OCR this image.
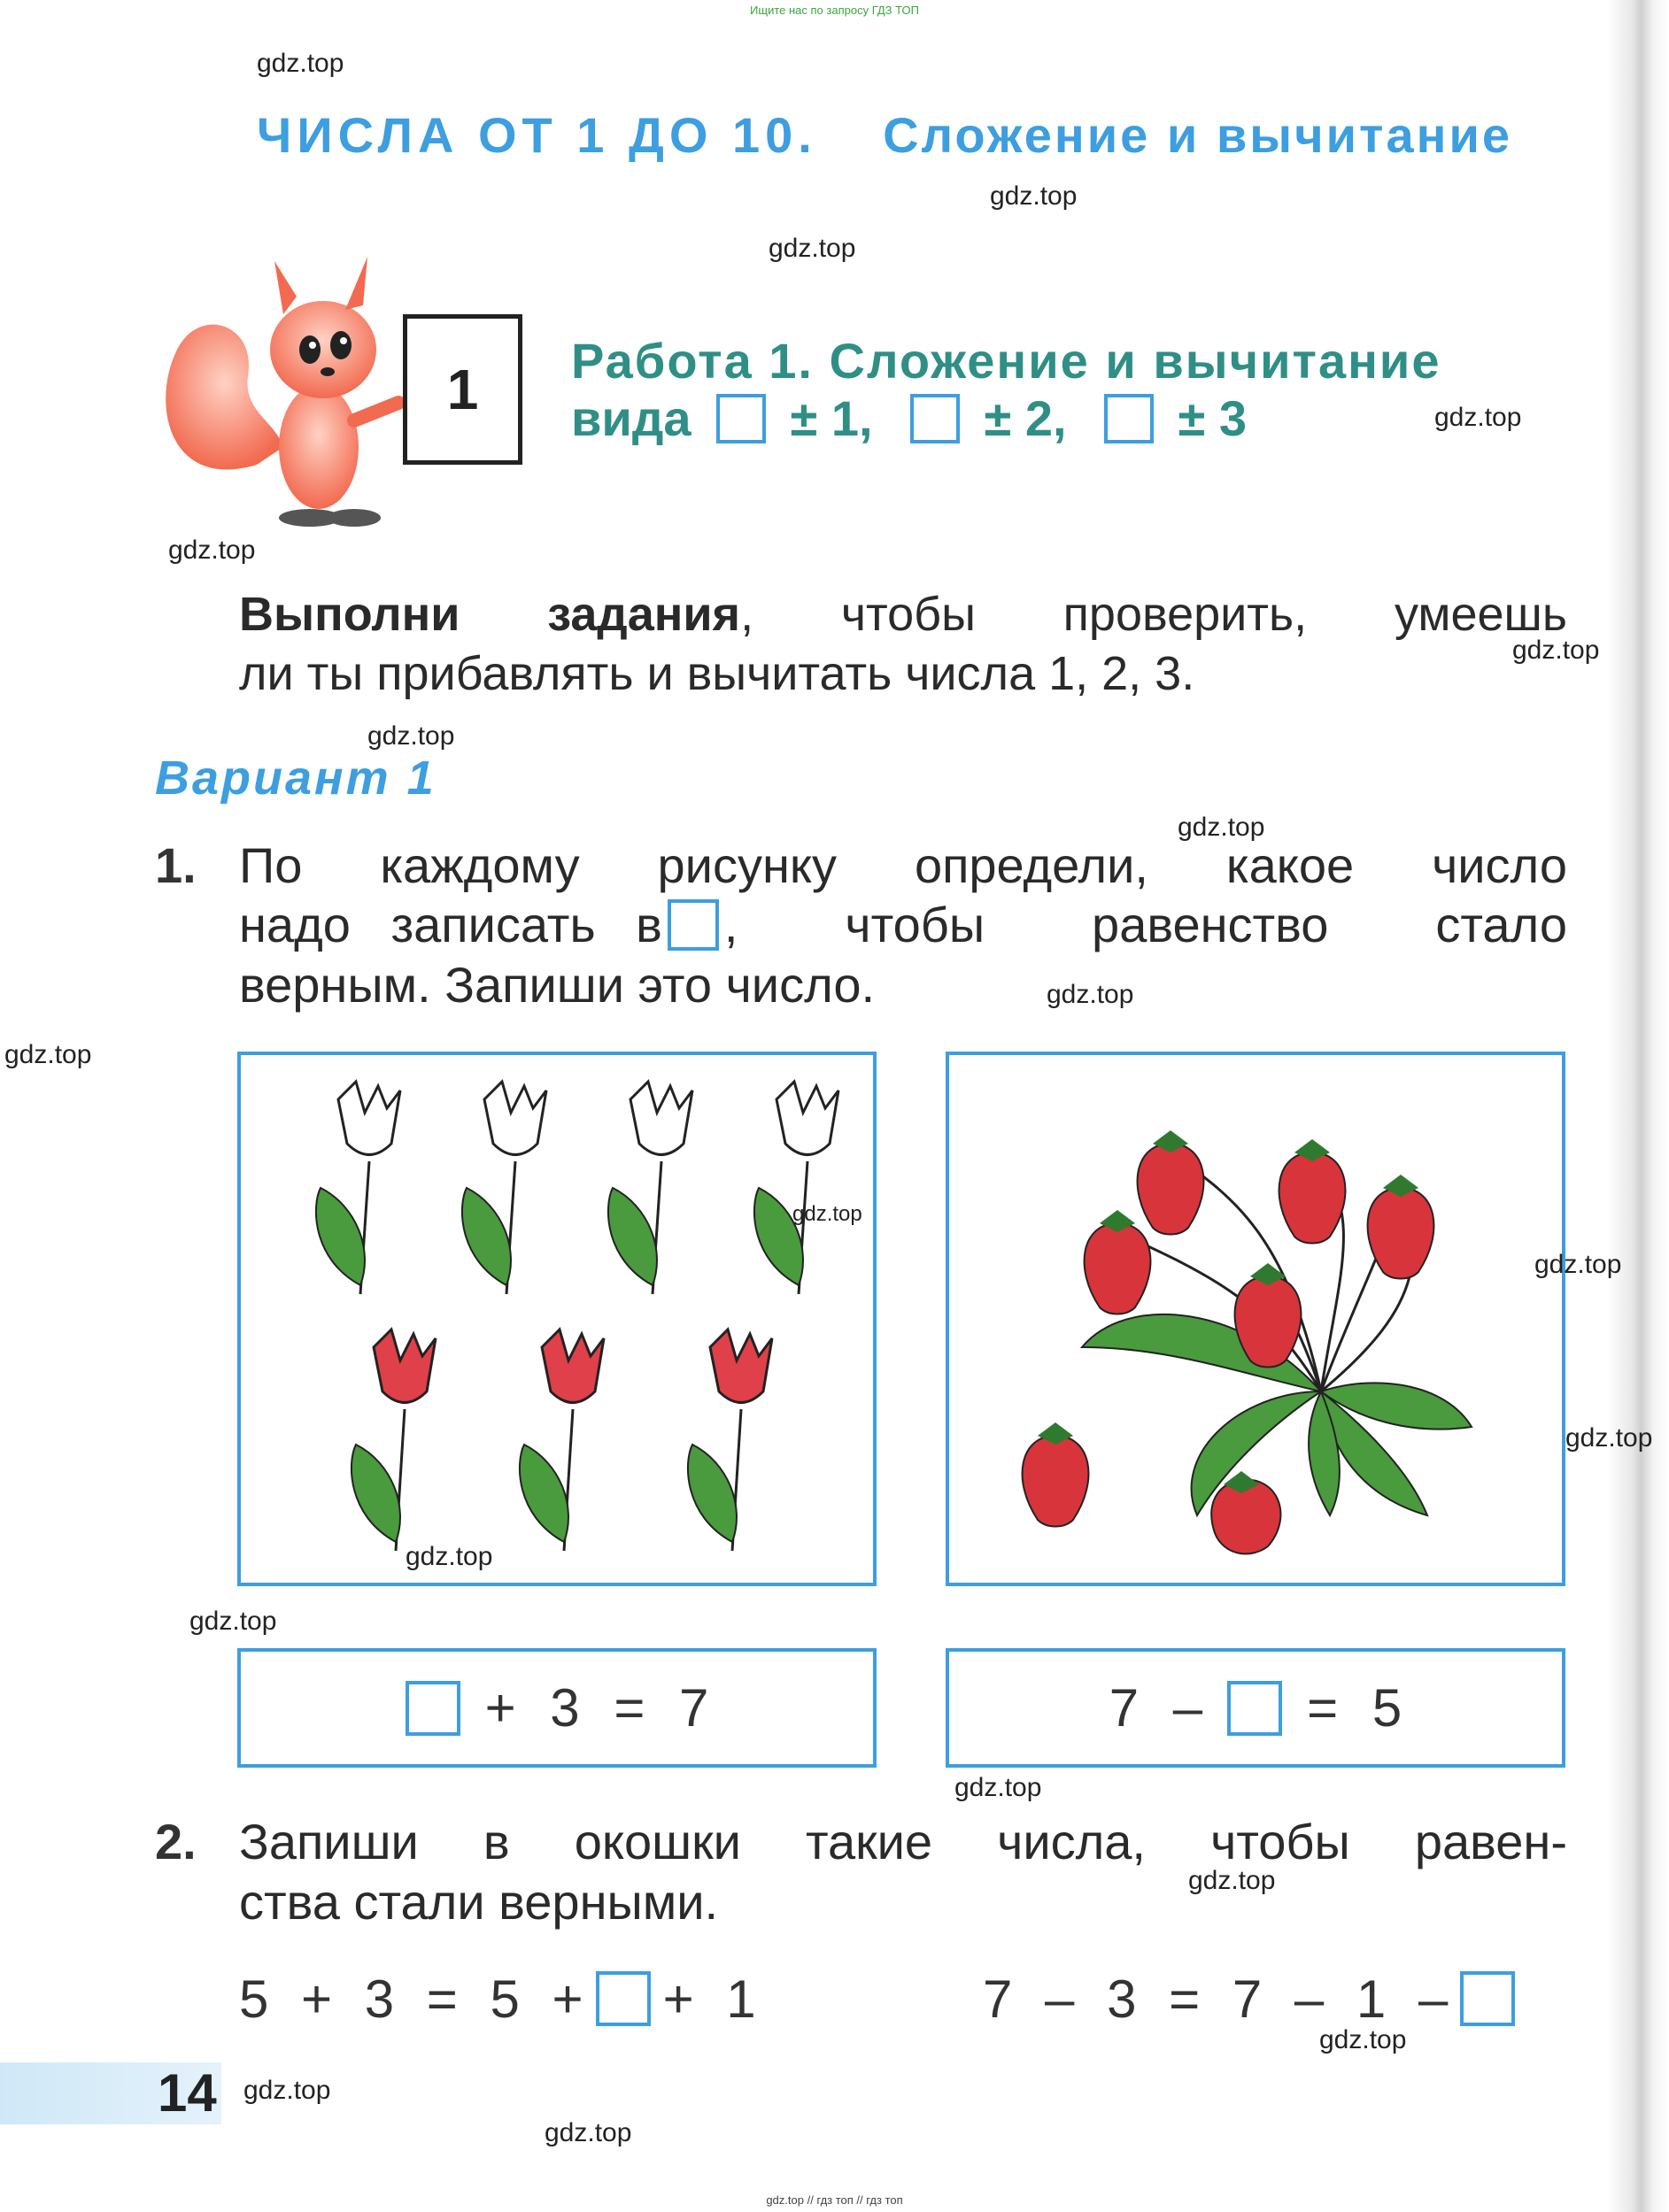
Ищите нас по запросу ГДЗ ТОП
ЧИСЛА ОТ 1 ДО 10. Сложение и вычитание
1	Работа 1. Сложение и вычитание
вида ± 1, ± 2, ± 3
Выполни задания, чтобы проверить, умеешь
ли ты прибавлять и вычитать числа 1, 2, 3.
Вариант 1
1. По каждому рисунку определи, какое число
надо записать в , чтобы равенство стало
верным. Запиши это число.
+ 3 = 7	7 – = 5
2. Запиши в окошки такие числа, чтобы равен-
ства стали верными.
5 + 3 = 5 + + 1	7 – 3 = 7 – 1 –
14
gdz.top
gdz.top
gdz.top
gdz.top
gdz.top
gdz.top
gdz.top
gdz.top
gdz.top
gdz.top
gdz.top
gdz.top
gdz.top
gdz.top
gdz.top
gdz.top
gdz.top
gdz.top
gdz.top
gdz.top
gdz.top // гдз топ // гдз топ
